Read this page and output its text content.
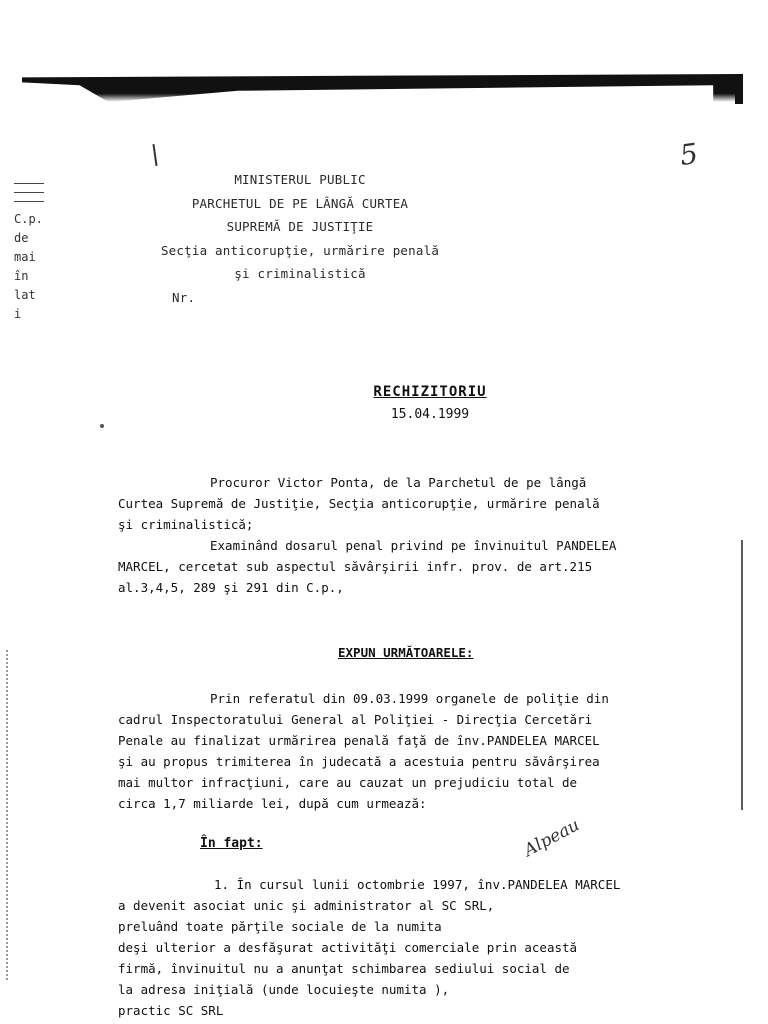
C.p.
de
mai
în
lat
i
5
MINISTERUL PUBLIC
PARCHETUL DE PE LÂNGĂ CURTEA
SUPREMĂ DE JUSTIŢIE
Secţia anticorupţie, urmărire penală
şi criminalistică
Nr.
RECHIZITORIU
15.04.1999
Procuror Victor Ponta, de la Parchetul de pe lângă
Curtea Supremă de Justiţie, Secţia anticorupţie, urmărire penală
şi criminalistică;
Examinând dosarul penal privind pe învinuitul PANDELEA
MARCEL, cercetat sub aspectul săvârşirii infr. prov. de art.215
al.3,4,5, 289 şi 291 din C.p.,
EXPUN URMĂTOARELE:
Prin referatul din 09.03.1999 organele de poliţie din
cadrul Inspectoratului General al Poliţiei - Direcţia Cercetări
Penale au finalizat urmărirea penală faţă de înv.PANDELEA MARCEL
şi au propus trimiterea în judecată a acestuia pentru săvârşirea
mai multor infracţiuni, care au cauzat un prejudiciu total de
circa 1,7 miliarde lei, după cum urmează:
Alpeau
În fapt:
1. În cursul lunii octombrie 1997, înv.PANDELEA MARCEL
a devenit asociat unic şi administrator al SC SRL,
preluând toate părţile sociale de la numita
deşi ulterior a desfăşurat activităţi comerciale prin această
firmă, învinuitul nu a anunţat schimbarea sediului social de
la adresa iniţială (unde locuieşte numita ),
practic SC SRL
